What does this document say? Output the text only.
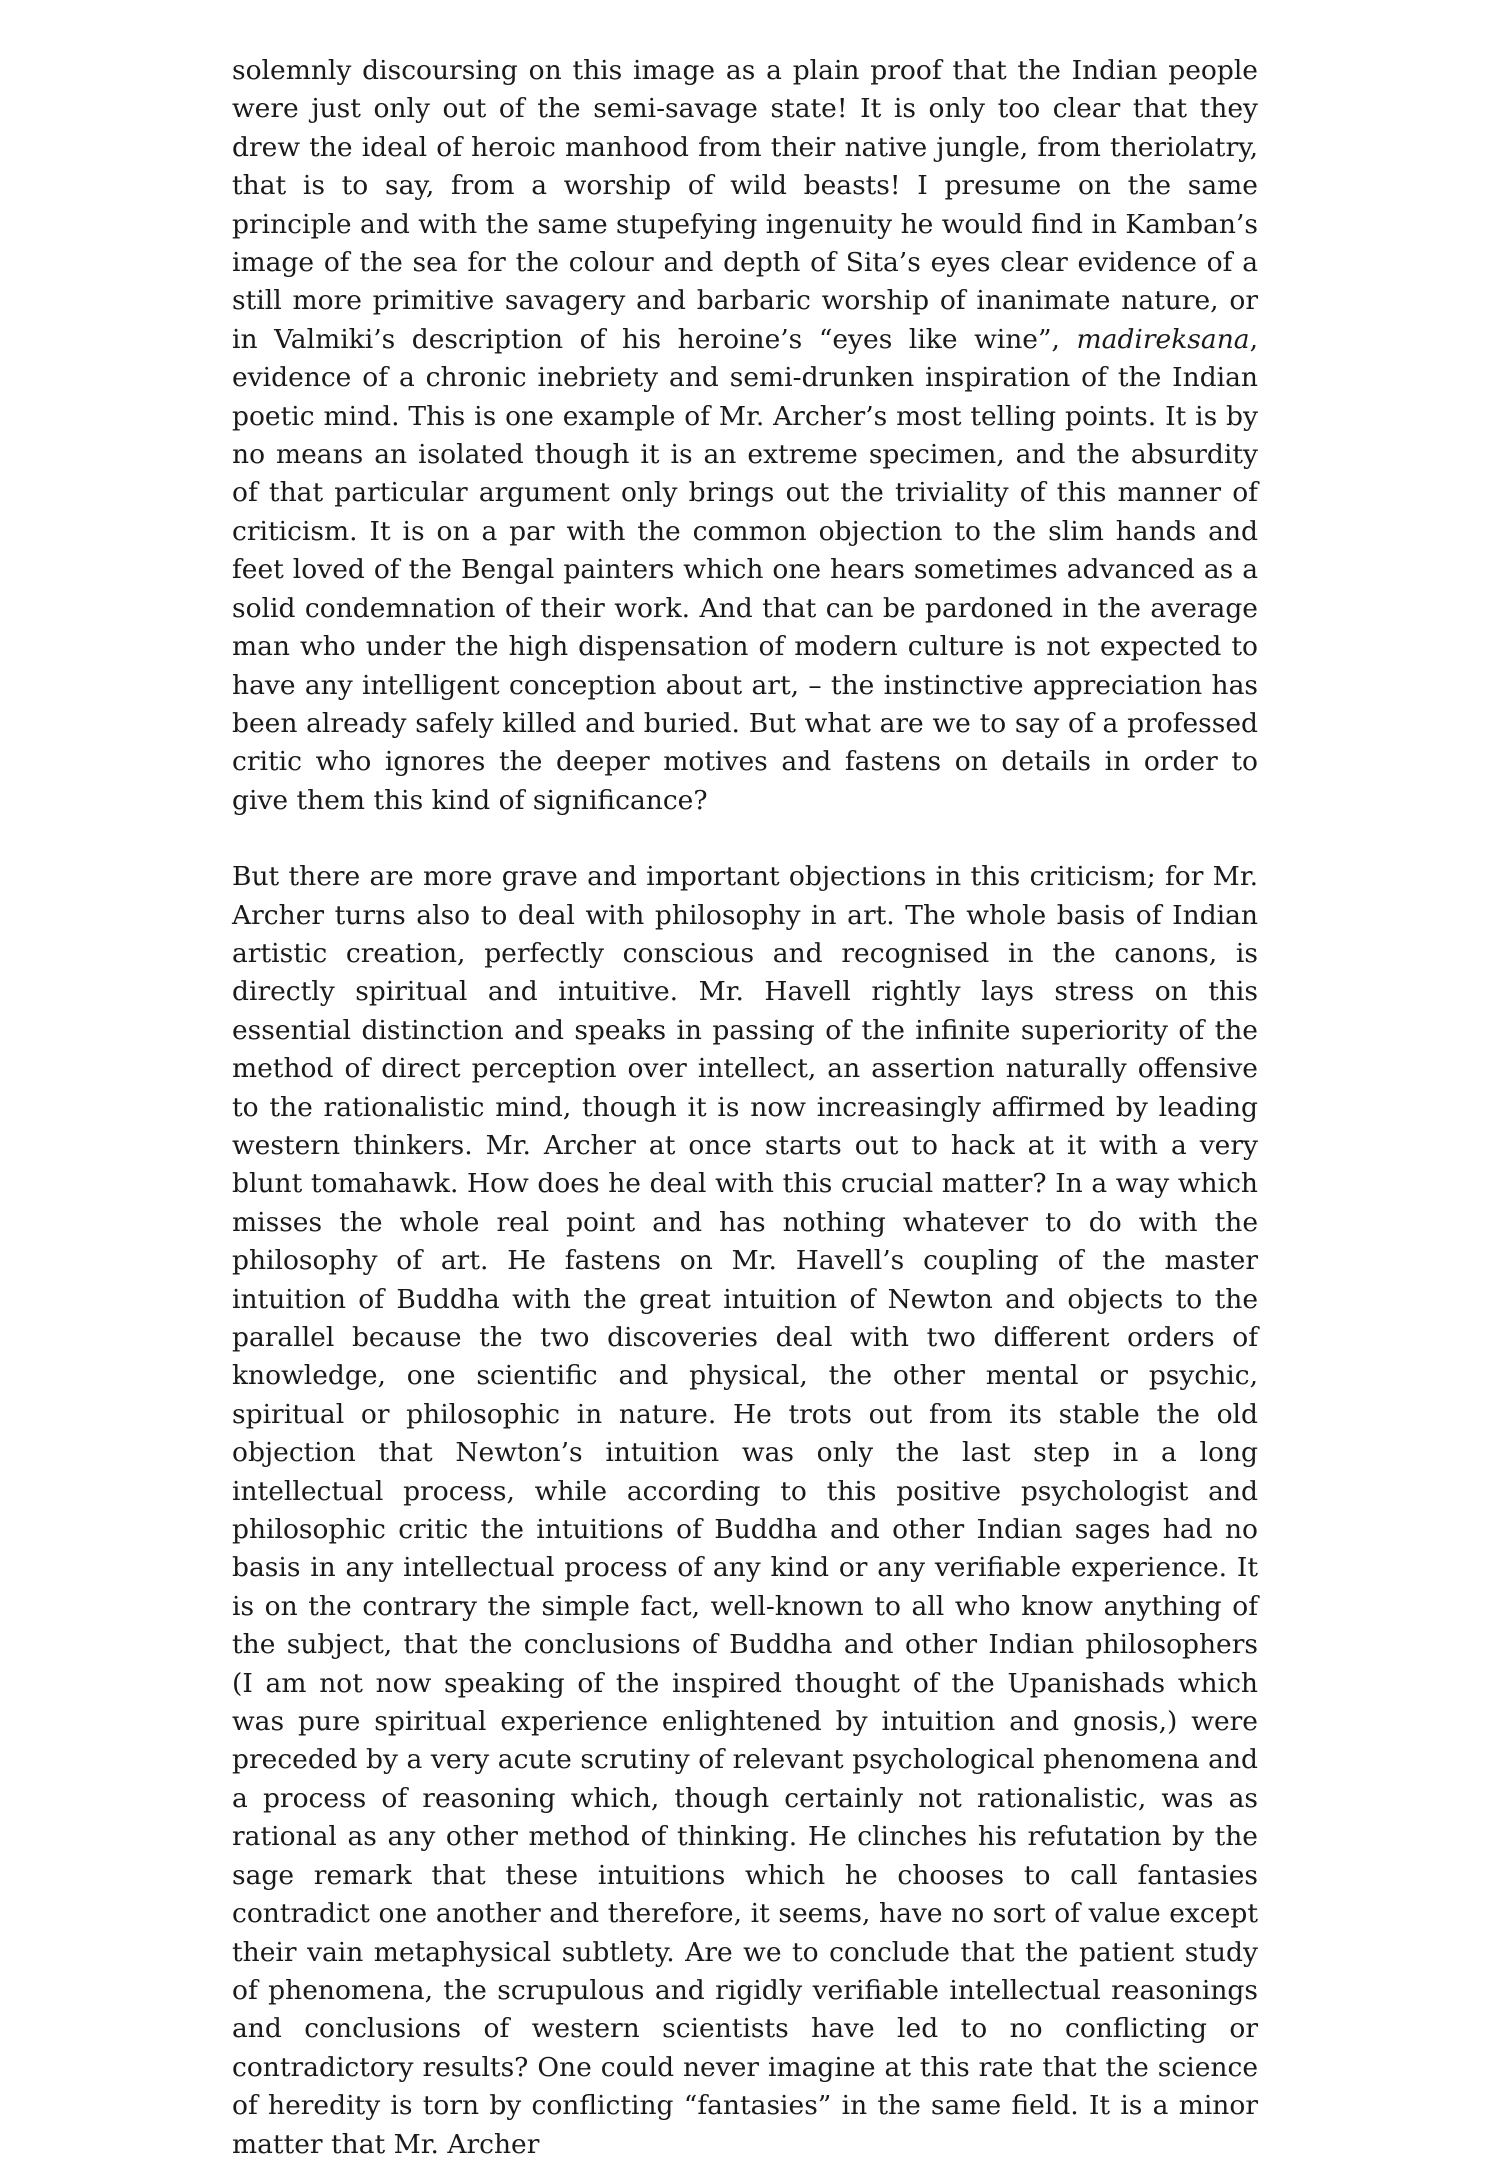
solemnly discoursing on this image as a plain proof that the Indian people were just only out of the semi-savage state! It is only too clear that they drew the ideal of heroic manhood from their native jungle, from theriolatry, that is to say, from a worship of wild beasts! I presume on the same principle and with the same stupefying ingenuity he would find in Kamban’s image of the sea for the colour and depth of Sita’s eyes clear evidence of a still more primitive savagery and barbaric worship of inanimate nature, or in Valmiki’s description of his heroine’s “eyes like wine”, madireksana, evidence of a chronic inebriety and semi-drunken inspiration of the Indian poetic mind. This is one example of Mr. Archer’s most telling points. It is by no means an isolated though it is an extreme specimen, and the absurdity of that particular argument only brings out the triviality of this manner of criticism. It is on a par with the common objection to the slim hands and feet loved of the Bengal painters which one hears sometimes advanced as a solid condemnation of their work. And that can be pardoned in the average man who under the high dispensation of modern culture is not expected to have any intelligent conception about art, – the instinctive appreciation has been already safely killed and buried. But what are we to say of a professed critic who ignores the deeper motives and fastens on details in order to give them this kind of significance?

But there are more grave and important objections in this criticism; for Mr. Archer turns also to deal with philosophy in art. The whole basis of Indian artistic creation, perfectly conscious and recognised in the canons, is directly spiritual and intuitive. Mr. Havell rightly lays stress on this essential distinction and speaks in passing of the infinite superiority of the method of direct perception over intellect, an assertion naturally offensive to the rationalistic mind, though it is now increasingly affirmed by leading western thinkers. Mr. Archer at once starts out to hack at it with a very blunt tomahawk. How does he deal with this crucial matter? In a way which misses the whole real point and has nothing whatever to do with the philosophy of art. He fastens on Mr. Havell’s coupling of the master intuition of Buddha with the great intuition of Newton and objects to the parallel because the two discoveries deal with two different orders of knowledge, one scientific and physical, the other mental or psychic, spiritual or philosophic in nature. He trots out from its stable the old objection that Newton’s intuition was only the last step in a long intellectual process, while according to this positive psychologist and philosophic critic the intuitions of Buddha and other Indian sages had no basis in any intellectual process of any kind or any verifiable experience. It is on the contrary the simple fact, well-known to all who know anything of the subject, that the conclusions of Buddha and other Indian philosophers (I am not now speaking of the inspired thought of the Upanishads which was pure spiritual experience enlightened by intuition and gnosis,) were preceded by a very acute scrutiny of relevant psychological phenomena and a process of reasoning which, though certainly not rationalistic, was as rational as any other method of thinking. He clinches his refutation by the sage remark that these intuitions which he chooses to call fantasies contradict one another and therefore, it seems, have no sort of value except their vain metaphysical subtlety. Are we to conclude that the patient study of phenomena, the scrupulous and rigidly verifiable intellectual reasonings and conclusions of western scientists have led to no conflicting or contradictory results? One could never imagine at this rate that the science of heredity is torn by conflicting “fantasies” in the same field. It is a minor matter that Mr. Archer
